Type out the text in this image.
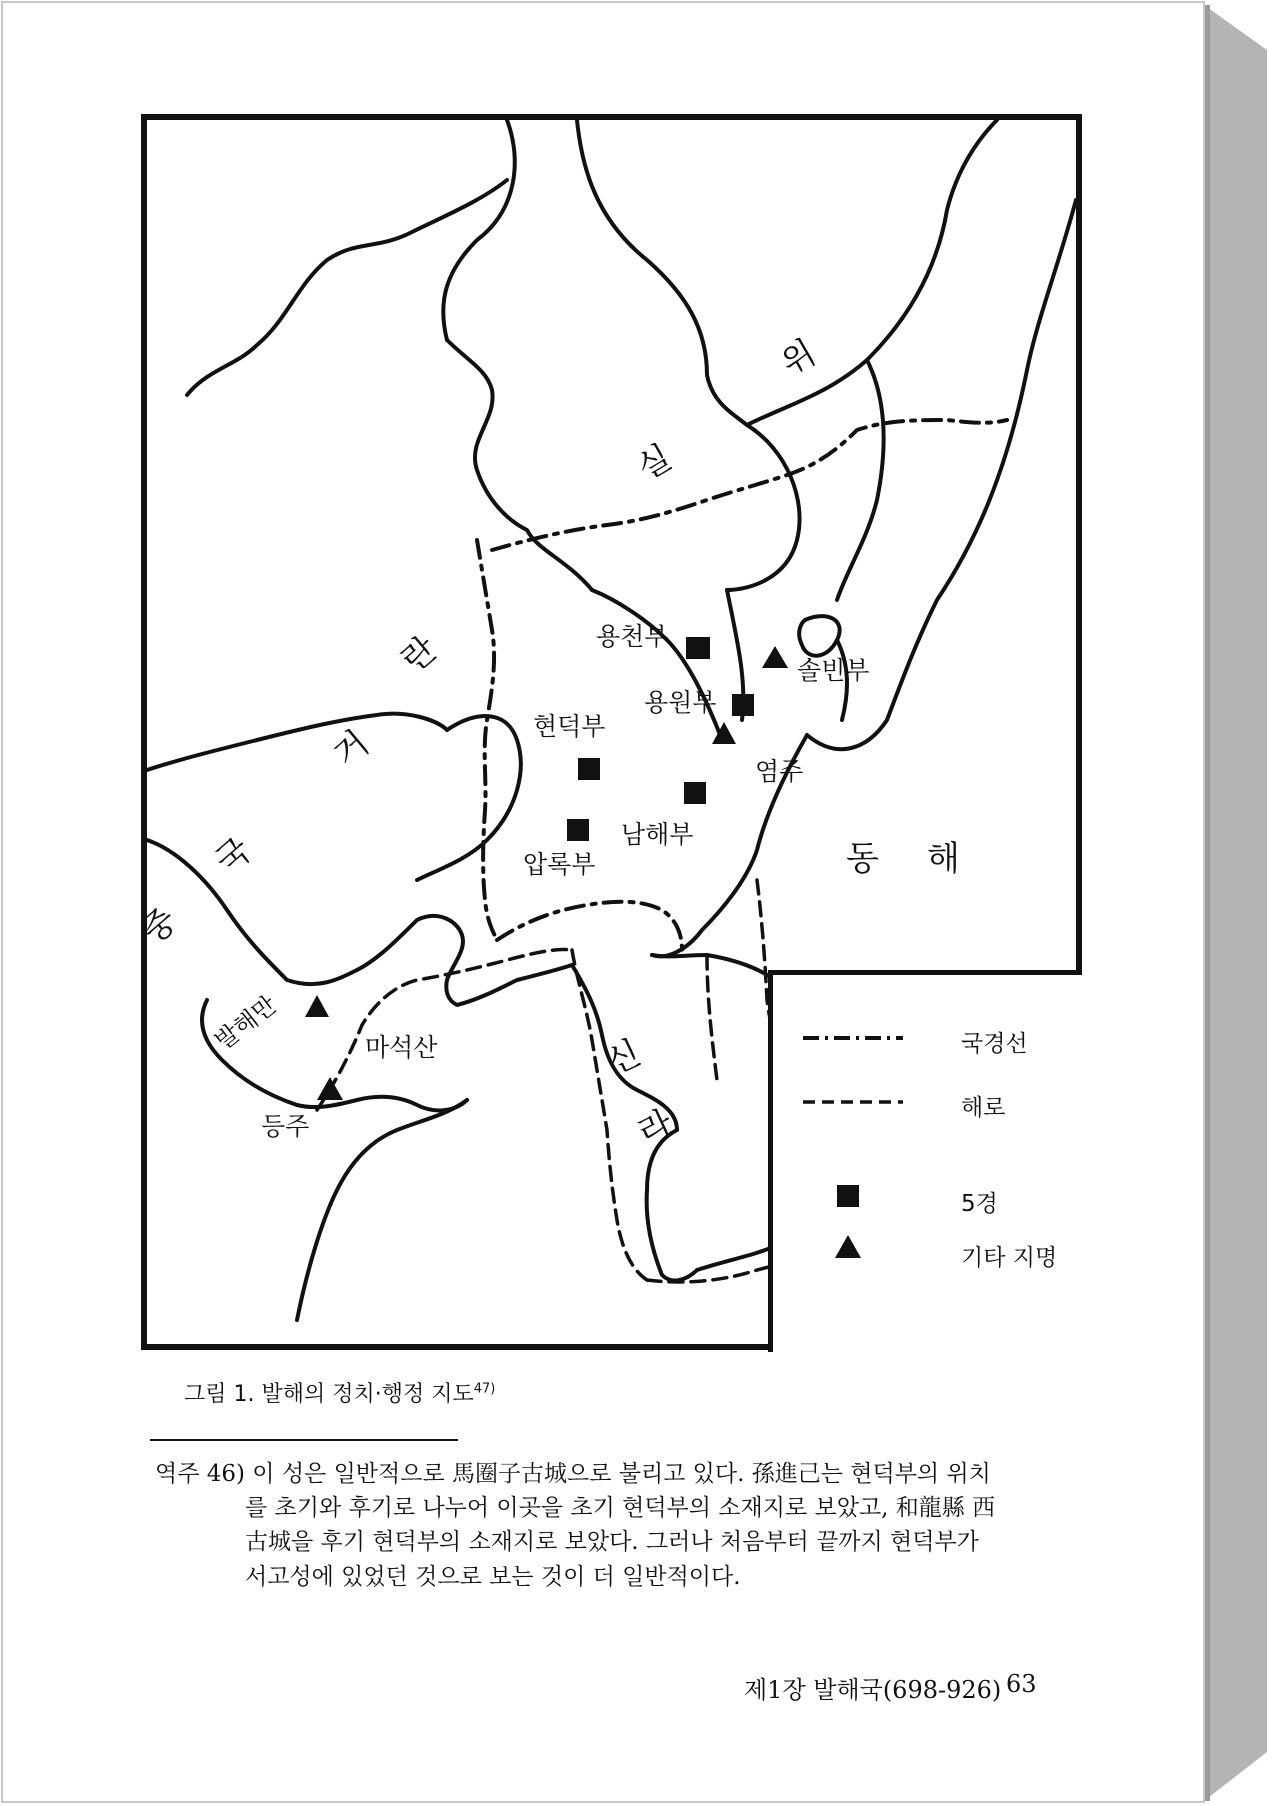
위
실
란
거
국
중
동 해
신
라
발해만
용천부
솔빈부
용원부
현덕부
염주
남해부
압록부
마석산
등주
국경선
해로
5경
기타 지명
그림 1. 발해의 정치·행정 지도$^{47)}$
역주 46) 이 성은 일반적으로 馬圈子古城으로 불리고 있다. 孫進己는 현덕부의 위치
를 초기와 후기로 나누어 이곳을 초기 현덕부의 소재지로 보았고, 和龍縣 西
古城을 후기 현덕부의 소재지로 보았다. 그러나 처음부터 끝까지 현덕부가
서고성에 있었던 것으로 보는 것이 더 일반적이다.
제1장 발해국(698-926) 63
